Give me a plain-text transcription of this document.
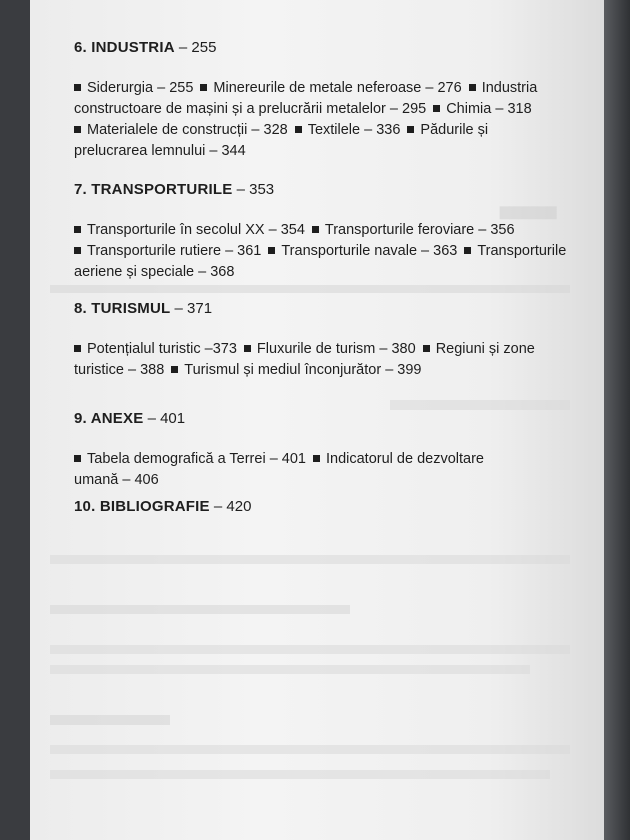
▇▇▇▇▇▇
6. INDUSTRIA – 255
Siderurgia – 255 Minereurile de metale neferoase – 276 Industria
constructoare de mașini și a prelucrării metalelor – 295 Chimia – 318
Materialele de construcții – 328 Textilele – 336 Pădurile și
prelucrarea lemnului – 344
7. TRANSPORTURILE – 353
Transporturile în secolul XX – 354 Transporturile feroviare – 356
Transporturile rutiere – 361 Transporturile navale – 363 Transporturile
aeriene și speciale – 368
8. TURISMUL – 371
Potențialul turistic –373 Fluxurile de turism – 380 Regiuni și zone
turistice – 388 Turismul și mediul înconjurător – 399
9. ANEXE – 401
Tabela demografică a Terrei – 401 Indicatorul de dezvoltare
umană – 406
10. BIBLIOGRAFIE – 420
